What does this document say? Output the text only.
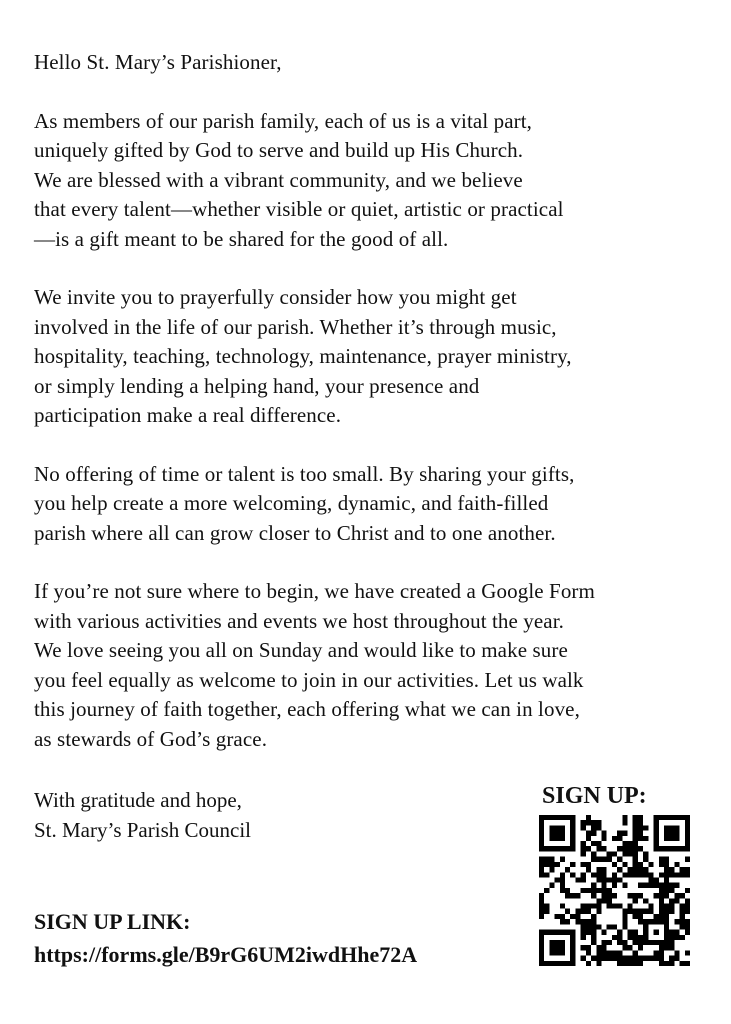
Hello St. Mary’s Parishioner,
As members of our parish family, each of us is a vital part,
uniquely gifted by God to serve and build up His Church.
We are blessed with a vibrant community, and we believe
that every talent—whether visible or quiet, artistic or practical
—is a gift meant to be shared for the good of all.
We invite you to prayerfully consider how you might get
involved in the life of our parish. Whether it’s through music,
hospitality, teaching, technology, maintenance, prayer ministry,
or simply lending a helping hand, your presence and
participation make a real difference.
No offering of time or talent is too small. By sharing your gifts,
you help create a more welcoming, dynamic, and faith-filled
parish where all can grow closer to Christ and to one another.
If you’re not sure where to begin, we have created a Google Form
with various activities and events we host throughout the year.
We love seeing you all on Sunday and would like to make sure
you feel equally as welcome to join in our activities. Let us walk
this journey of faith together, each offering what we can in love,
as stewards of God’s grace.
With gratitude and hope,
St. Mary’s Parish Council
SIGN UP LINK:
https://forms.gle/B9rG6UM2iwdHhe72A
SIGN UP:
